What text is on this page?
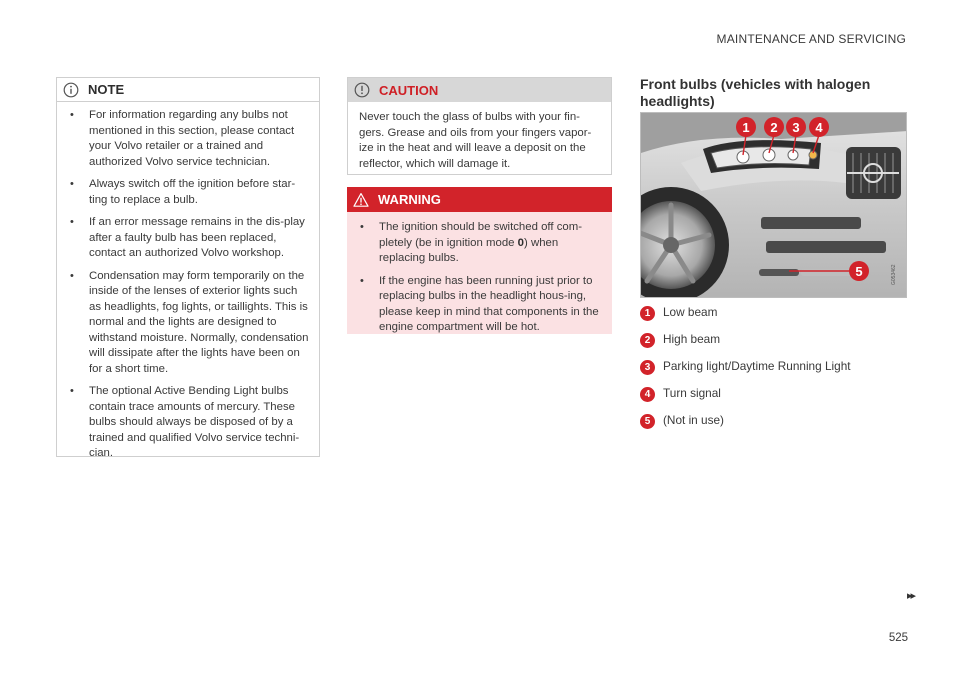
MAINTENANCE AND SERVICING
NOTE
• For information regarding any bulbs not mentioned in this section, please contact your Volvo retailer or a trained and authorized Volvo service technician.
• Always switch off the ignition before star-ting to replace a bulb.
• If an error message remains in the dis-play after a faulty bulb has been replaced, contact an authorized Volvo workshop.
• Condensation may form temporarily on the inside of the lenses of exterior lights such as headlights, fog lights, or taillights. This is normal and the lights are designed to withstand moisture. Normally, condensation will dissipate after the lights have been on for a short time.
• The optional Active Bending Light bulbs contain trace amounts of mercury. These bulbs should always be disposed of by a trained and qualified Volvo service techni-cian.
CAUTION

Never touch the glass of bulbs with your fin-gers. Grease and oils from your fingers vapor-ize in the heat and will leave a deposit on the reflector, which will damage it.

WARNING
• The ignition should be switched off com-pletely (be in ignition mode 0) when replacing bulbs.
• If the engine has been running just prior to replacing bulbs in the headlight hous-ing, please keep in mind that components in the engine compartment will be hot.
Front bulbs (vehicles with halogen headlights)
1 2 3 4
5	G053462
1	Low beam
2	High beam
3	Parking light/Daytime Running Light
4	Turn signal
5	(Not in use)
▸▸
525
